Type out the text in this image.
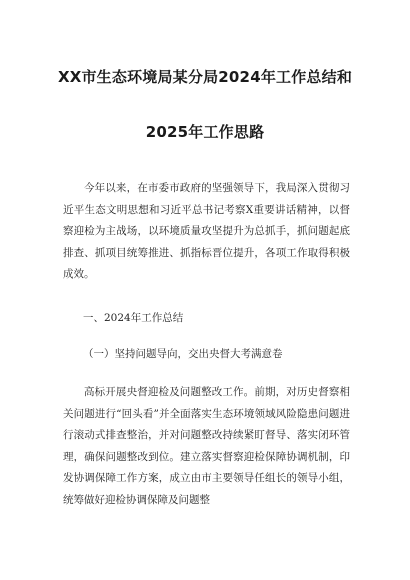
XX市生态环境局某分局2024年工作总结和
2025年工作思路

今年以来，在市委市政府的坚强领导下，我局深入贯彻习近平生态文明思想和习近平总书记考察X重要讲话精神，以督察迎检为主战场，以环境质量攻坚提升为总抓手，抓问题起底排查、抓项目统筹推进、抓指标晋位提升，各项工作取得积极成效。

一、2024年工作总结

（一）坚持问题导向，交出央督大考满意卷

高标开展央督迎检及问题整改工作。前期，对历史督察相关问题进行“回头看”并全面落实生态环境领域风险隐患问题进行滚动式排查整治，并对问题整改持续紧盯督导、落实闭环管理，确保问题整改到位。建立落实督察迎检保障协调机制，印发协调保障工作方案，成立由市主要领导任组长的领导小组，统筹做好迎检协调保障及问题整
